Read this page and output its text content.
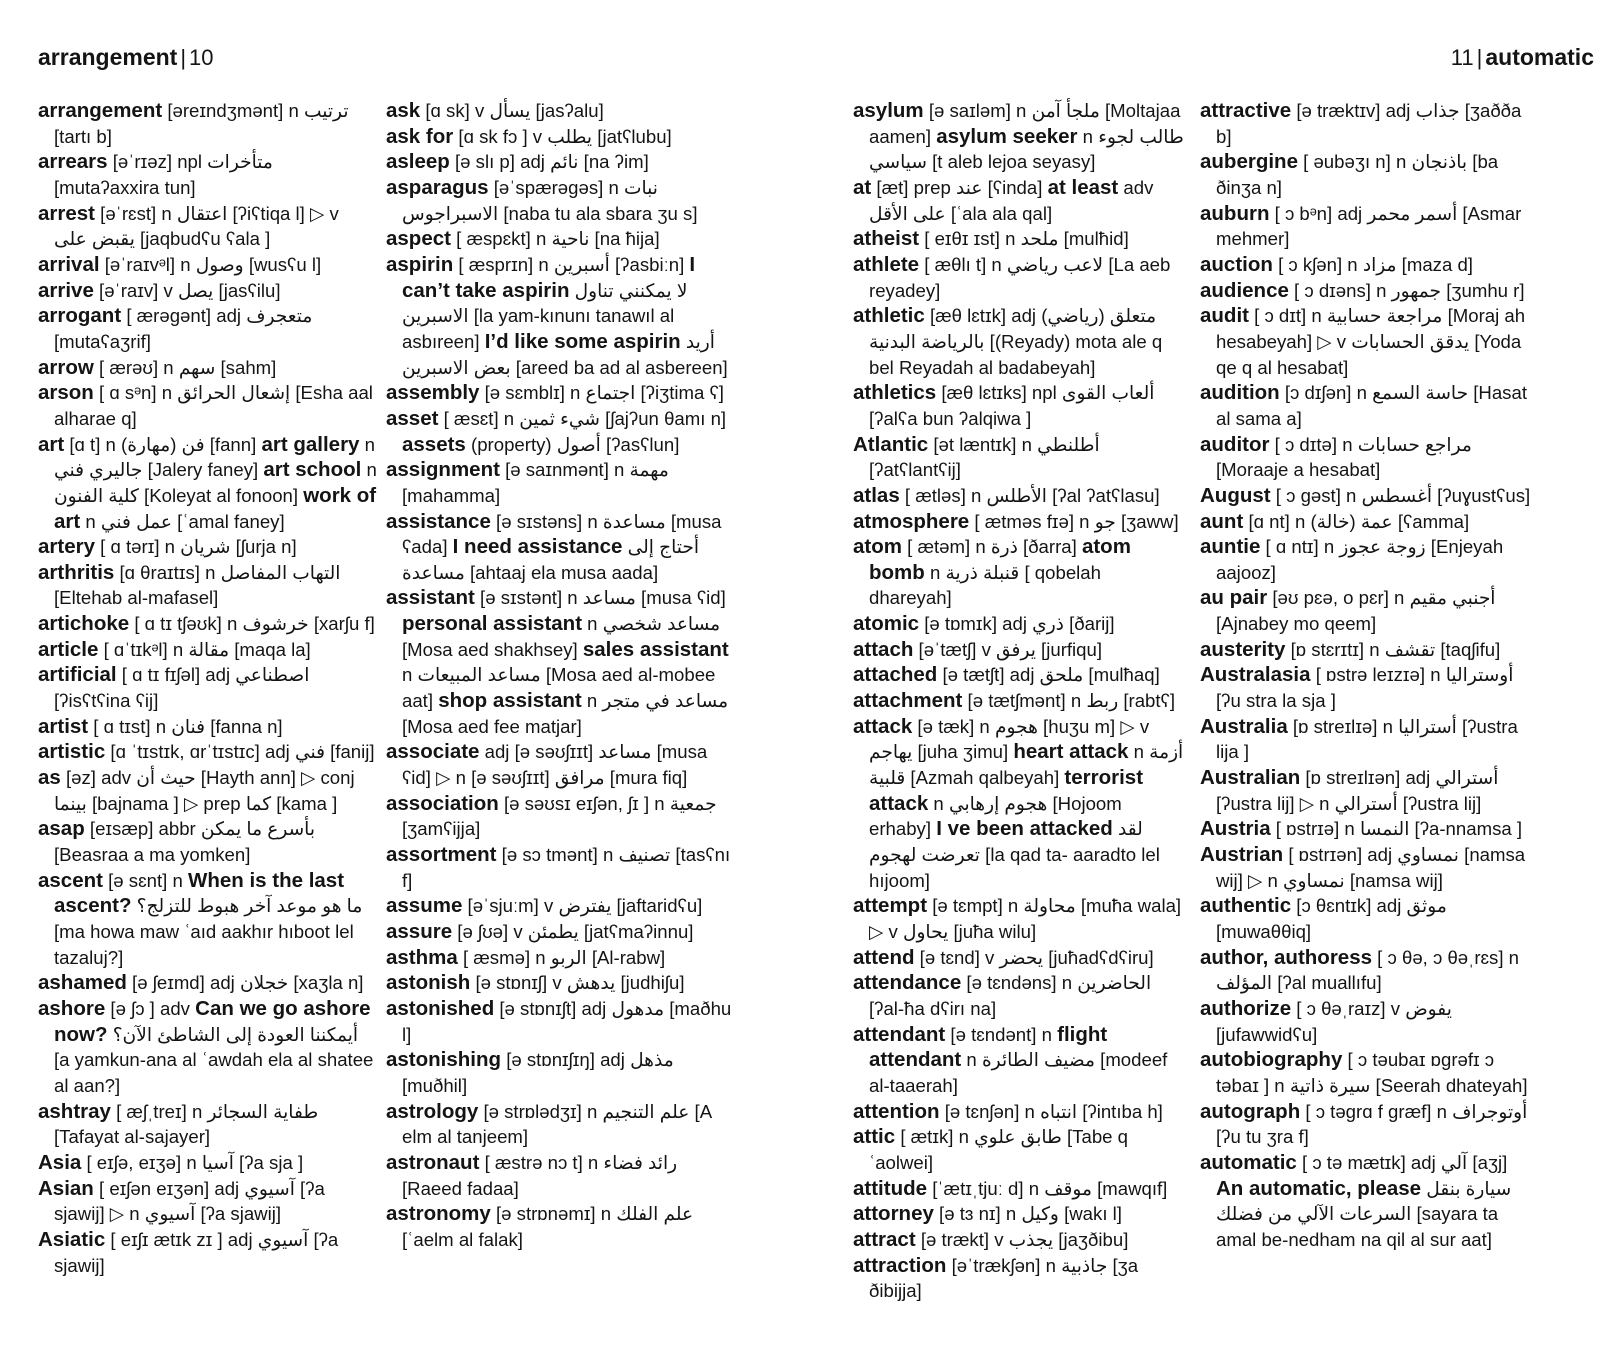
arrangement | 10	11 | automatic

arrangement [əreɪndʒmənt] n ترتيب [tartı b]

arrears [əˈrɪəz] npl متأخرات [mutaʔaxxira tun]

arrest [əˈrɛst] n اعتقال [ʔiʕtiqa l] ▷ v يقبض على [jaqbudʕu ʕala ]

arrival [əˈraɪvᵊl] n وصول [wusʕu l]

arrive [əˈraɪv] v يصل [jasʕilu]

arrogant [ ærəgənt] adj متعجرف [mutaʕaʒrif]

arrow [ ærəʊ] n سهم [sahm]

arson [ ɑ sᵊn] n إشعال الحرائق [Esha aal alharae q]

art [ɑ t] n (مهارة) فن [fann] art gallery n جاليري فني [Jalery faney] art school n كلية الفنون [Koleyat al fonoon] work of art n عمل فني [ʿamal faney]

artery [ ɑ tərɪ] n شريان [ʃurja n]

arthritis [ɑ θraɪtɪs] n التهاب المفاصل [Eltehab al-mafasel]

artichoke [ ɑ tɪ tʃəʊk] n خرشوف [xarʃu f]

article [ ɑˈtɪkᵊl] n مقالة [maqa la]

artificial [ ɑ tɪ fɪʃəl] adj اصطناعي [ʔisʕtʕina ʕij]

artist [ ɑ tɪst] n فنان [fanna n]

artistic [ɑ ˈtɪstɪk, ɑrˈtɪstɪc] adj فني [fanij]

as [əz] adv حيث أن [Hayth ann] ▷ conj بينما [bajnama ] ▷ prep كما [kama ]

asap [eɪsæp] abbr بأسرع ما يمكن [Beasraa a ma yomken]

ascent [ə sɛnt] n When is the last ascent? ما هو موعد آخر هبوط للتزلج؟ [ma howa maw ʿaıd aakhır hıboot lel tazaluj?]

ashamed [ə ʃeɪmd] adj خجلان [xaʒla n]

ashore [ə ʃɔ ] adv Can we go ashore now? أيمكننا العودة إلى الشاطئ الآن؟ [a yamkun-ana al ʿawdah ela al shatee al aan?]

ashtray [ æʃˌtreɪ] n طفاية السجائر [Tafayat al-sajayer]

Asia [ eɪʃə, eɪʒə] n آسيا [ʔa sja ]

Asian [ eɪʃən eɪʒən] adj آسيوي [ʔa sjawij] ▷ n آسيوي [ʔa sjawij]

Asiatic [ eɪʃɪ ætɪk zɪ ] adj آسيوي [ʔa sjawij]

ask [ɑ sk] v يسأل [jasʔalu]

ask for [ɑ sk fɔ ] v يطلب [jatʕlubu]

asleep [ə slı p] adj نائم [na ʔim]

asparagus [əˈspærəgəs] n نبات الاسبراجوس [naba tu ala sbara ʒu s]

aspect [ æspɛkt] n ناحية [na ħija]

aspirin [ æsprɪn] n أسبرين [ʔasbiːn] I can’t take aspirin لا يمكنني تناول الاسبرين [la yam-kınunı tanawıl al asbıreen] I’d like some aspirin أريد بعض الاسبرين [areed ba ad al asbereen]

assembly [ə sɛmblɪ] n اجتماع [ʔiʒtima ʕ]

asset [ æsɛt] n شيء ثمين [ʃajʔun θamı n] assets (property) أصول [ʔasʕlun]

assignment [ə saɪnmənt] n مهمة [mahamma]

assistance [ə sɪstəns] n مساعدة [musa ʕada] I need assistance أحتاج إلى مساعدة [ahtaaj ela musa aada]

assistant [ə sɪstənt] n مساعد [musa ʕid] personal assistant n مساعد شخصي [Mosa aed shakhsey] sales assistant n مساعد المبيعات [Mosa aed al-mobee aat] shop assistant n مساعد في متجر [Mosa aed fee matjar]

associate adj [ə səʊʃɪɪt] مساعد [musa ʕid] ▷ n [ə səʊʃɪɪt] مرافق [mura fiq]

association [ə səʊsɪ eɪʃən, ʃɪ ] n جمعية [ʒamʕijja]

assortment [ə sɔ tmənt] n تصنيف [tasʕnı f]

assume [əˈsjuːm] v يفترض [jaftaridʕu]

assure [ə ʃʊə] v يطمئن [jatʕmaʔinnu]

asthma [ æsmə] n الربو [Al-rabw]

astonish [ə stɒnɪʃ] v يدهش [judhiʃu]

astonished [ə stɒnɪʃt] adj مدهول [maðhu l]

astonishing [ə stɒnɪʃɪŋ] adj مذهل [muðhil]

astrology [ə strɒlədʒɪ] n علم التنجيم [A elm al tanjeem]

astronaut [ æstrə nɔ t] n رائد فضاء [Raeed fadaa]

astronomy [ə strɒnəmɪ] n علم الفلك [ʿaelm al falak]

asylum [ə saɪləm] n ملجأ آمن [Moltajaa aamen] asylum seeker n طالب لجوء سياسي [t aleb lejoa seyasy]

at [æt] prep عند [ʕinda] at least adv على الأقل [ʿala ala qal]

atheist [ eɪθɪ ɪst] n ملحد [mulħid]

athlete [ æθlı t] n لاعب رياضي [La aeb reyadey]

athletic [æθ lɛtɪk] adj متعلق (رياضي) بالرياضة البدنية [(Reyady) mota ale q bel Reyadah al badabeyah]

athletics [æθ lɛtɪks] npl ألعاب القوى [ʔalʕa bun ʔalqiwa ]

Atlantic [ət læntɪk] n أطلنطي [ʔatʕlantʕij]

atlas [ ætləs] n الأطلس [ʔal ʔatʕlasu]

atmosphere [ ætməs fɪə] n جو [ʒaww]

atom [ ætəm] n ذرة [ðarra] atom bomb n قنبلة ذرية [ qobelah dhareyah]

atomic [ə tɒmɪk] adj ذري [ðarij]

attach [əˈtætʃ] v يرفق [jurfiqu]

attached [ə tætʃt] adj ملحق [mulħaq]

attachment [ə tætʃmənt] n ربط [rabtʕ]

attack [ə tæk] n هجوم [huʒu m] ▷ v يهاجم [juha ʒimu] heart attack n أزمة قلبية [Azmah qalbeyah] terrorist attack n هجوم إرهابي [Hojoom erhaby] I ve been attacked لقد تعرضت لهجوم [la qad ta- aaradto lel hıjoom]

attempt [ə tɛmpt] n محاولة [muħa wala] ▷ v يحاول [juħa wilu]

attend [ə tɛnd] v يحضر [juħadʕdʕiru]

attendance [ə tɛndəns] n الحاضرين [ʔal-ħa dʕirı na]

attendant [ə tɛndənt] n flight attendant n مضيف الطائرة [modeef al-taaerah]

attention [ə tɛnʃən] n انتباه [ʔintıba h]

attic [ ætɪk] n طابق علوي [Tabe q ʿaolwei]

attitude [ˈætɪˌtjuː d] n موقف [mawqıf]

attorney [ə tɜ nɪ] n وكيل [wakı l]

attract [ə trækt] v يجذب [jaʒðibu]

attraction [əˈtrækʃən] n جاذبية [ʒa ðibijja]

attractive [ə træktɪv] adj جذاب [ʒaððа b]

aubergine [ əubəʒı n] n باذنجان [ba ðinʒa n]

auburn [ ɔ bᵊn] adj أسمر محمر [Asmar mehmer]

auction [ ɔ kʃən] n مزاد [maza d]

audience [ ɔ dɪəns] n جمهور [ʒumhu r]

audit [ ɔ dɪt] n مراجعة حسابية [Moraj ah hesabeyah] ▷ v يدقق الحسابات [Yoda qe q al hesabat]

audition [ɔ dɪʃən] n حاسة السمع [Hasat al sama a]

auditor [ ɔ dɪtə] n مراجع حسابات [Moraaje a hesabat]

August [ ɔ gəst] n أغسطس [ʔuɣustʕus]

aunt [ɑ nt] n (خالة) عمة [ʕamma]

auntie [ ɑ ntɪ] n زوجة عجوز [Enjeyah aajooz]

au pair [əʊ pɛə, o pɛr] n أجنبي مقيم [Ajnabey mo qeem]

austerity [ɒ stɛrɪtɪ] n تقشف [taqʃifu]

Australasia [ ɒstrə leɪzɪə] n أوستراليا [ʔu stra la sja ]

Australia [ɒ streɪlɪə] n أستراليا [ʔustra lija ]

Australian [ɒ streɪlɪən] adj أسترالي [ʔustra lij] ▷ n أسترالي [ʔustra lij]

Austria [ ɒstrɪə] n النمسا [ʔa-nnamsa ]

Austrian [ ɒstrɪən] adj نمساوي [namsa wij] ▷ n نمساوي [namsa wij]

authentic [ɔ θɛntɪk] adj موثق [muwaθθiq]

author, authoress [ ɔ θə, ɔ θəˌrɛs] n المؤلف [ʔal muallıfu]

authorize [ ɔ θəˌraɪz] v يفوض [jufawwidʕu]

autobiography [ ɔ təubaɪ ɒgrəfɪ ɔ təbaɪ ] n سيرة ذاتية [Seerah dhateyah]

autograph [ ɔ təgrɑ f græf] n أوتوجراف [ʔu tu ʒra f]

automatic [ ɔ tə mætɪk] adj آلي [aʒj] An automatic, please سيارة بنقل السرعات الآلي من فضلك [sayara ta amal be-nedham na qil al sur aat]
